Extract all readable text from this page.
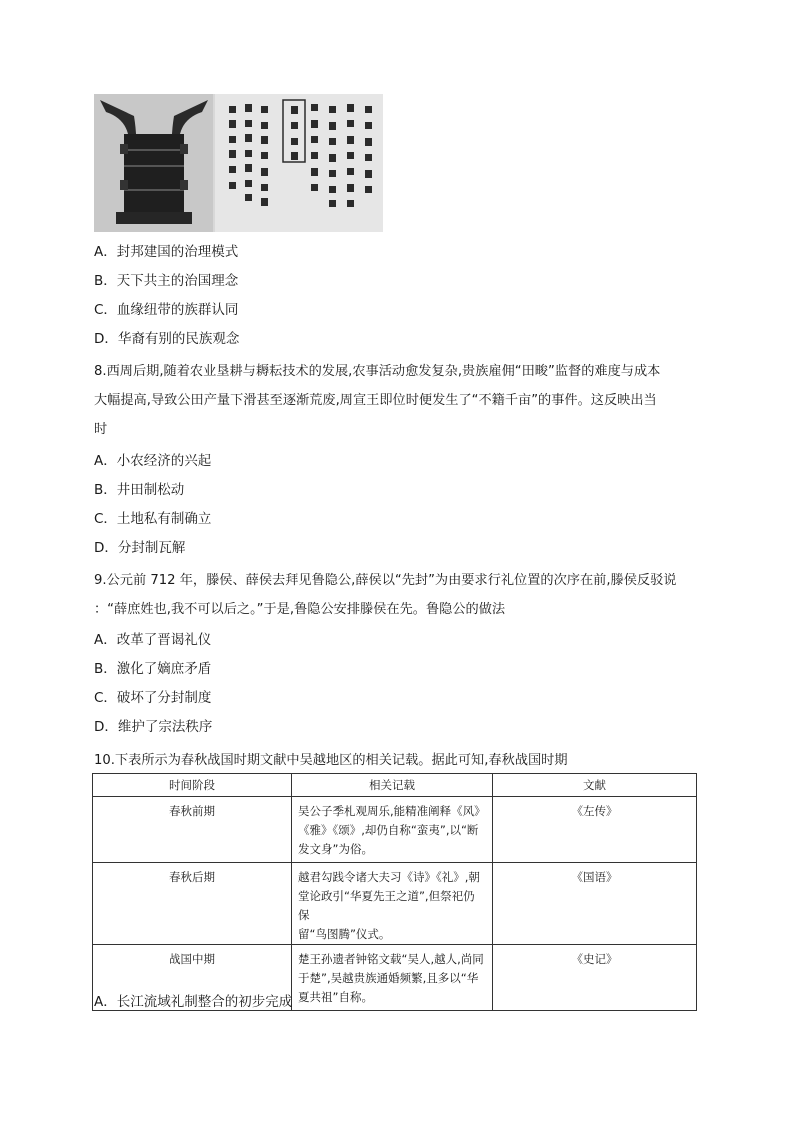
A．封邦建国的治理模式
B．天下共主的治国理念
C．血缘纽带的族群认同
D．华裔有别的民族观念
8.西周后期,随着农业垦耕与耨耘技术的发展,农事活动愈发复杂,贵族雇佣“田畯”监督的难度与成本
大幅提高,导致公田产量下滑甚至逐渐荒废,周宣王即位时便发生了“不籍千亩”的事件。这反映出当
时
A．小农经济的兴起
B．井田制松动
C．土地私有制确立
D．分封制瓦解
9.公元前 712 年，滕侯、薛侯去拜见鲁隐公,薛侯以“先封”为由要求行礼位置的次序在前,滕侯反驳说
：“薛庶姓也,我不可以后之。”于是,鲁隐公安排滕侯在先。鲁隐公的做法
A．改革了晋谒礼仪
B．激化了嫡庶矛盾
C．破坏了分封制度
D．维护了宗法秩序
10.下表所示为春秋战国时期文献中吴越地区的相关记载。据此可知,春秋战国时期
时间阶段	相关记载	文献
春秋前期	吴公子季札观周乐,能精准阐释《风》
《雅》《颂》,却仍自称“蛮夷”,以“断
发文身”为俗。	《左传》
春秋后期	越君勾践令诸大夫习《诗》《礼》,朝
堂论政引“华夏先王之道”,但祭祀仍保
留“鸟图腾”仪式。	《国语》
战国中期	楚王孙遗者钟铭文载“吴人,越人,尚同
于楚”,吴越贵族通婚频繁,且多以“华
夏共祖”自称。	《史记》
A．长江流域礼制整合的初步完成
